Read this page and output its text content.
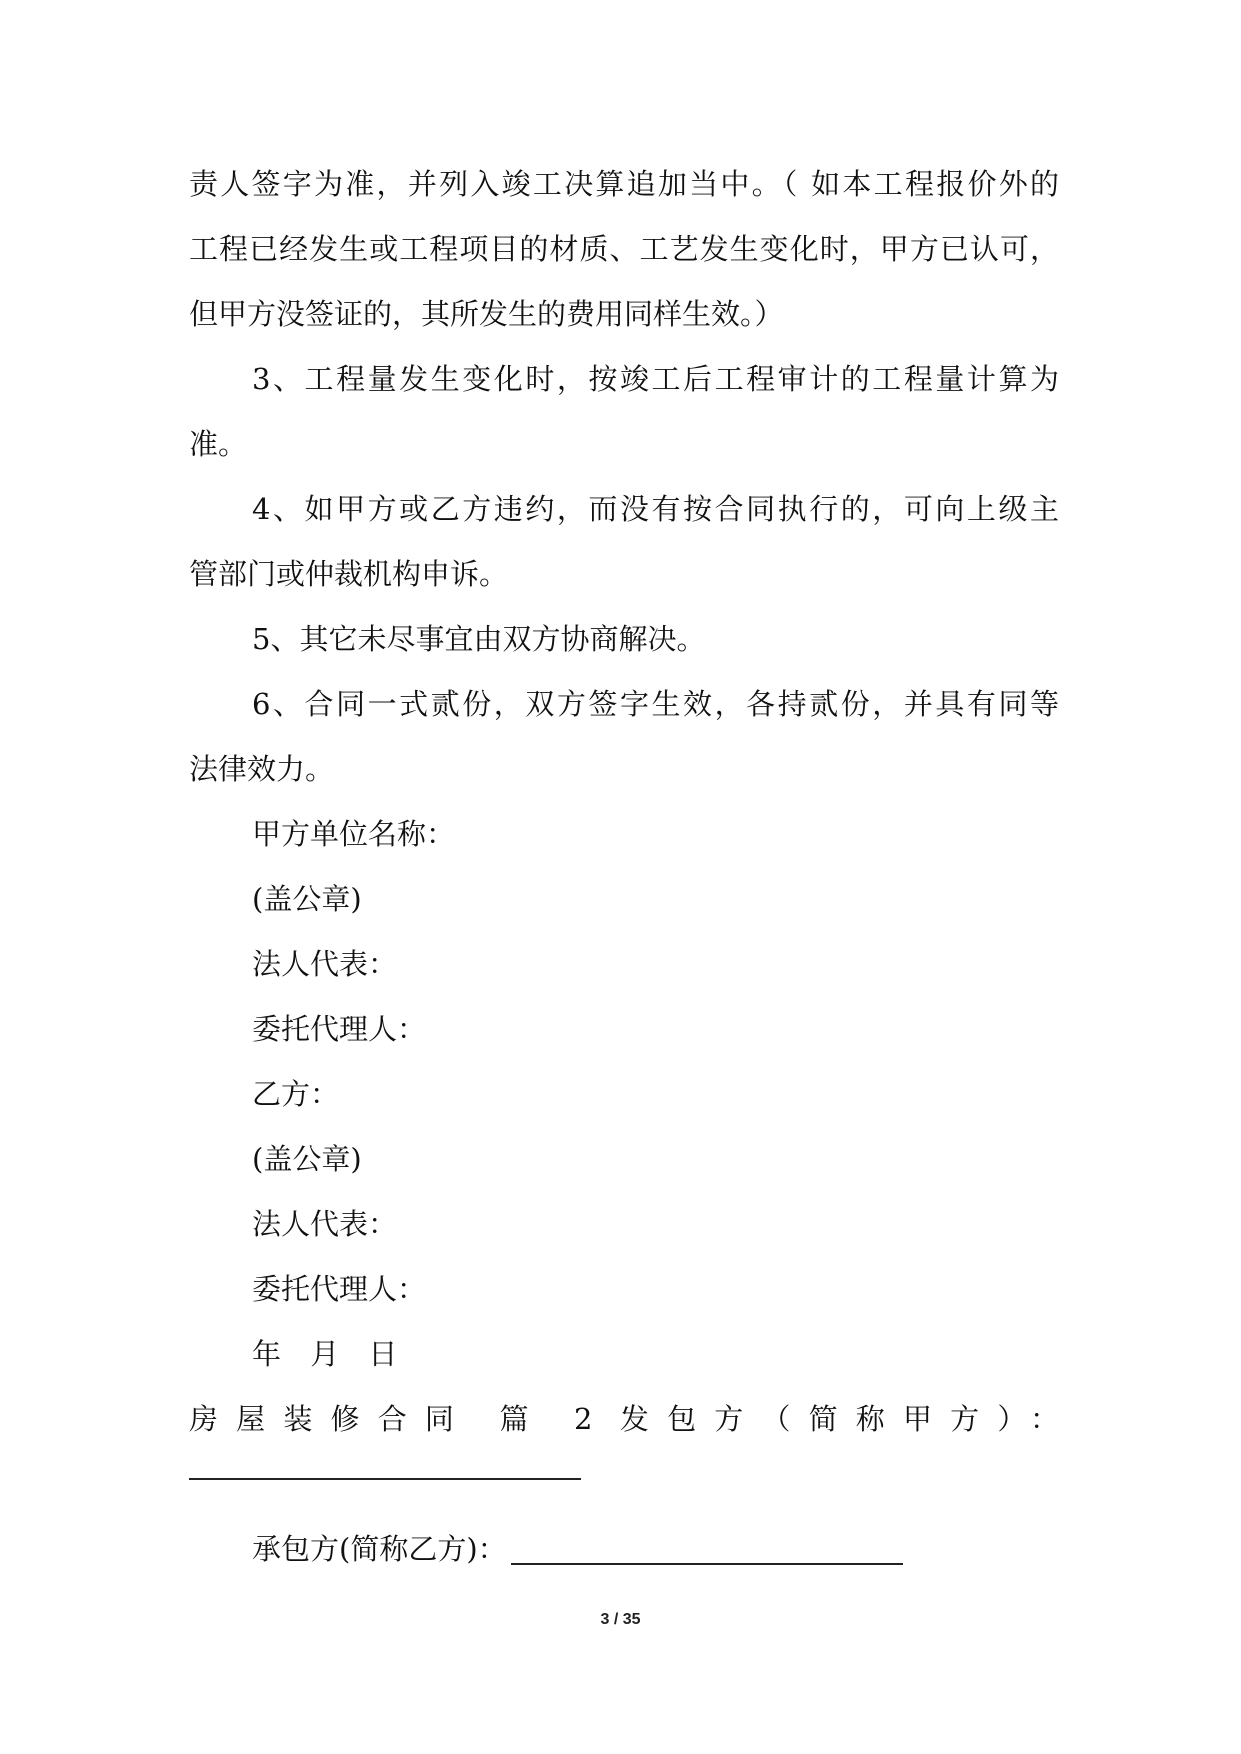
责人签字为准，并列入竣工决算追加当中。（ 如本工程报价外的
工程已经发生或工程项目的材质、工艺发生变化时，甲方已认可，
但甲方没签证的，其所发生的费用同样生效。）
3、工程量发生变化时，按竣工后工程审计的工程量计算为
准。
4、如甲方或乙方违约，而没有按合同执行的，可向上级主
管部门或仲裁机构申诉。
5、其它未尽事宜由双方协商解决。
6、合同一式贰份，双方签字生效，各持贰份，并具有同等
法律效力。
甲方单位名称：
(盖公章)
法人代表：
委托代理人：
乙方：
(盖公章)
法人代表：
委托代理人：
年 月 日
房屋装修合同 篇 2 发包方（简称甲方）：
承包方(简称乙方)：
3 / 35
